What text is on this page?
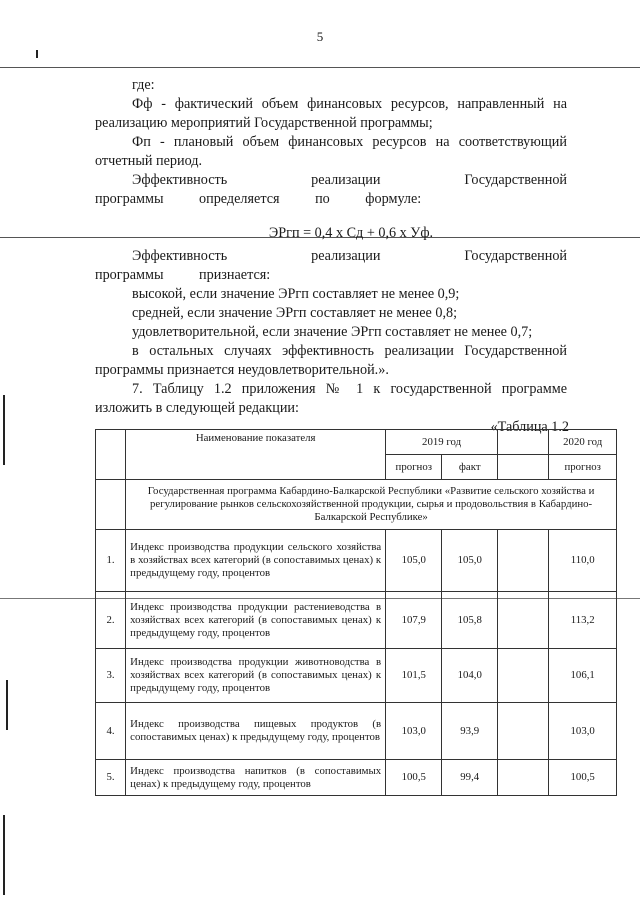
5

где:

Фф - фактический объем финансовых ресурсов, направленный на реализацию мероприятий Государственной программы;

Фп - плановый объем финансовых ресурсов на соответствующий отчетный период.

Эффективность реализации Государственной программы определяется по формуле:

ЭРгп = 0,4 х Сд + 0,6 х Уф.

Эффективность реализации Государственной программы признается:

высокой, если значение ЭРгп составляет не менее 0,9;

средней, если значение ЭРгп составляет не менее 0,8;

удовлетворительной, если значение ЭРгп составляет не менее 0,7;

в остальных случаях эффективность реализации Государственной программы признается неудовлетворительной.».

7. Таблицу 1.2 приложения № 1 к государственной программе изложить в следующей редакции:

«Таблица 1.2

	Наименование показателя	2019 год			2020 год
		прогноз	факт		прогноз
	Государственная программа Кабардино-Балкарской Республики «Развитие сельского хозяйства и регулирование рынков сельскохозяйственной продукции, сырья и продовольствия в Кабардино-Балкарской Республике»				
1.	Индекс производства продукции сельского хозяйства в хозяйствах всех категорий (в сопоставимых ценах) к предыдущему году, процентов	105,0	105,0		110,0
2.	Индекс производства продукции растениеводства в хозяйствах всех категорий (в сопоставимых ценах) к предыдущему году, процентов	107,9	105,8		113,2
3.	Индекс производства продукции животноводства в хозяйствах всех категорий (в сопоставимых ценах) к предыдущему году, процентов	101,5	104,0		106,1
4.	Индекс производства пищевых продуктов (в сопоставимых ценах) к предыдущему году, процентов	103,0	93,9		103,0
5.	Индекс производства напитков (в сопоставимых ценах) к предыдущему году, процентов	100,5	99,4		100,5
